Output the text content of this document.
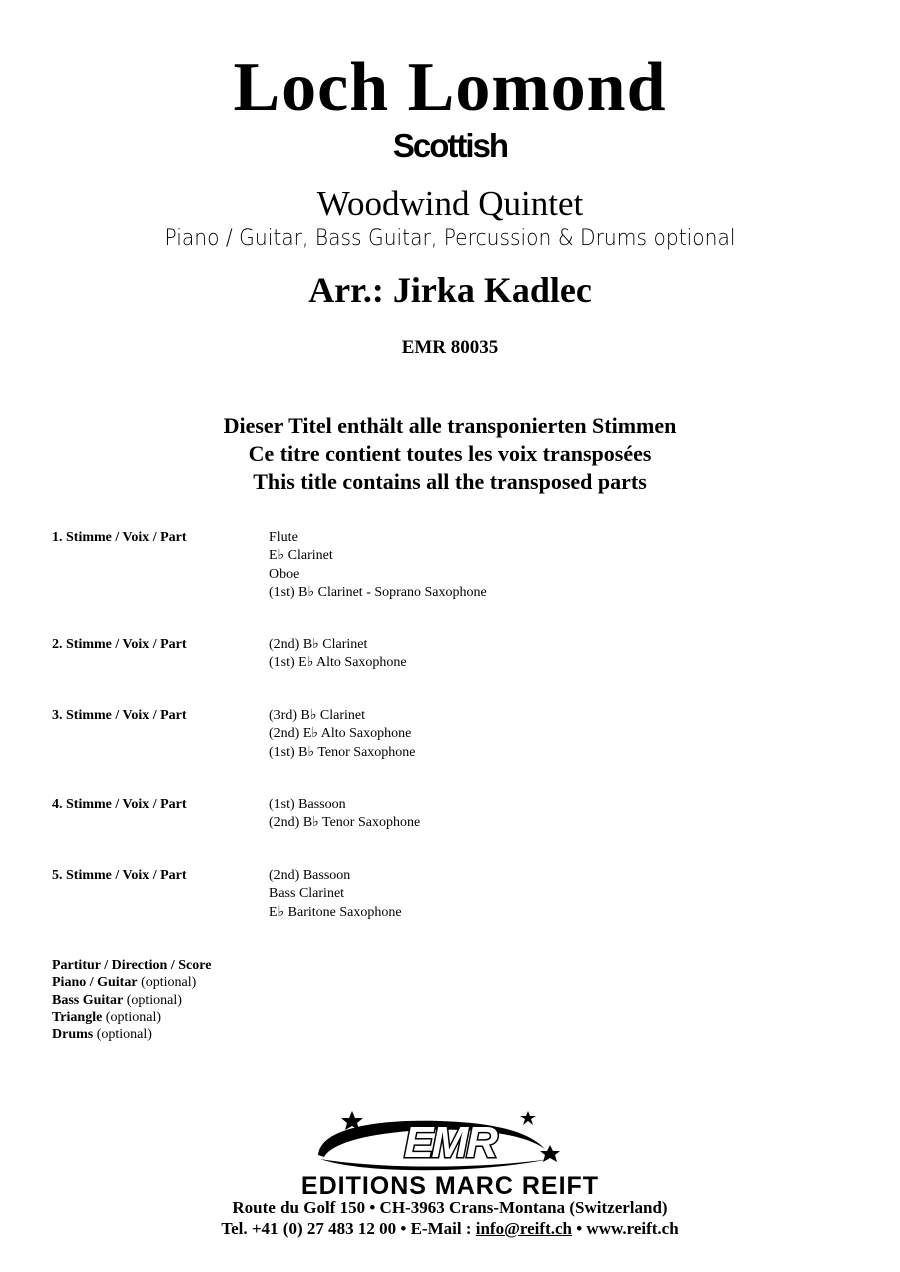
Loch Lomond
Scottish
Woodwind Quintet
Piano / Guitar, Bass Guitar, Percussion & Drums optional
Arr.: Jirka Kadlec
EMR 80035
Dieser Titel enthält alle transponierten Stimmen
Ce titre contient toutes les voix transposées
This title contains all the transposed parts
1. Stimme / Voix / Part	Flute
E♭ Clarinet
Oboe
(1st) B♭ Clarinet - Soprano Saxophone
2. Stimme / Voix / Part	(2nd) B♭ Clarinet
(1st) E♭ Alto Saxophone
3. Stimme / Voix / Part	(3rd) B♭ Clarinet
(2nd) E♭ Alto Saxophone
(1st) B♭ Tenor Saxophone
4. Stimme / Voix / Part	(1st) Bassoon
(2nd) B♭ Tenor Saxophone
5. Stimme / Voix / Part	(2nd) Bassoon
Bass Clarinet
E♭ Baritone Saxophone
Partitur / Direction / Score
Piano / Guitar (optional)
Bass Guitar (optional)
Triangle (optional)
Drums (optional)
EMR
EDITIONS MARC REIFT
Route du Golf 150 • CH-3963 Crans-Montana (Switzerland)
Tel. +41 (0) 27 483 12 00 • E-Mail : info@reift.ch • www.reift.ch
